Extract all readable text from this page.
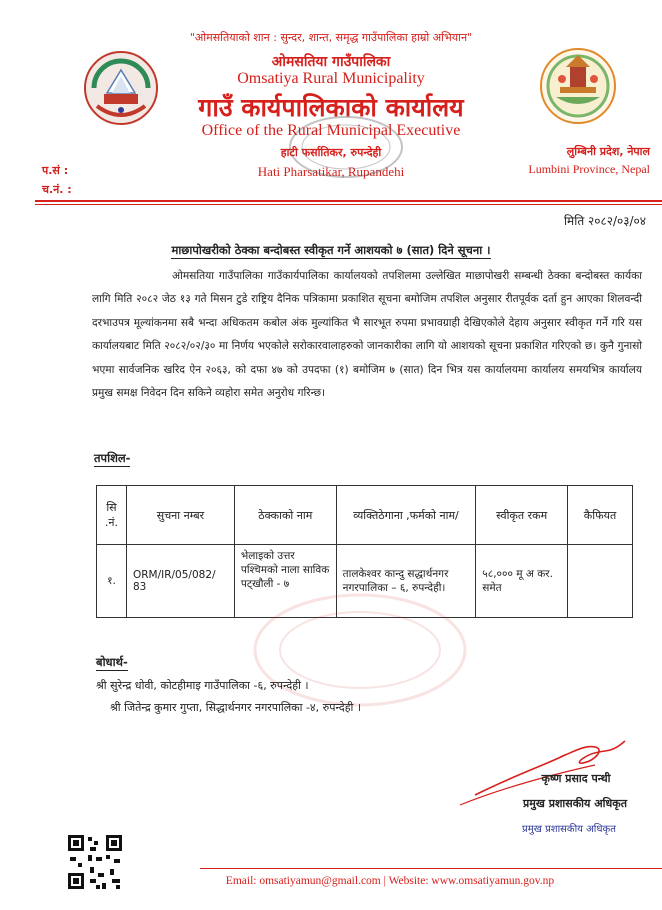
"ओमसतियाको शान : सुन्दर, शान्त, समृद्ध गाउँपालिका हाम्रो अभियान"
ओमसतिया गाउँपालिका
Omsatiya Rural Municipality
गाउँ कार्यपालिकाको कार्यालय
Office of the Rural Municipal Executive
हाटी फर्सातिकर, रुपन्देही
Hati Pharsatikar, Rupandehi
लुम्बिनी प्रदेश, नेपाल
Lumbini Province, Nepal
प.सं :
च.नं. :
मिति २०८२/०३/०४
माछापोखरीको ठेक्का बन्दोबस्त स्वीकृत गर्ने आशयको ७ (सात) दिने सूचना ।

ओमसतिया गाउँपालिका गाउँकार्यपालिका कार्यालयको तपशिलमा उल्लेखित माछापोखरी सम्बन्धी ठेक्का बन्दोबस्त कार्यका लागि मिति २०८२ जेठ १३ गते मिसन टुडे राष्ट्रिय दैनिक पत्रिकामा प्रकाशित सूचना बमोजिम तपशिल अनुसार रीतपूर्वक दर्ता हुन आएका शिलवन्दी दरभाउपत्र मूल्यांकनमा सबै भन्दा अधिकतम कबोल अंक मुल्यांकित भै सारभूत रुपमा प्रभावग्राही देखिएकोले देहाय अनुसार स्वीकृत गर्ने गरि यस कार्यालयबाट मिति २०८२/०२/३० मा निर्णय भएकोले सरोकारवालाहरुको जानकारीका लागि यो आशयको सूचना प्रकाशित गरिएको छ। कुनै गुनासो भएमा सार्वजनिक खरिद ऐन २०६३, को दफा ४७ को उपदफा (१) बमोजिम ७ (सात) दिन भित्र यस कार्यालयमा कार्यालय समयभित्र कार्यालय प्रमुख समक्ष निवेदन दिन सकिने व्यहोरा समेत अनुरोध गरिन्छ।

तपशिल-
सि .नं.	सुचना नम्बर	ठेक्काको नाम	व्यक्तिठेगाना ,फर्मको नाम/	स्वीकृत रकम	कैफियत
१.	ORM/IR/05/082/ 83	भेलाइको उत्तर पश्चिमको नाला साविक पट्खौली - ७	तालकेश्वर कान्दु सद्धार्थनगर नगरपालिका – ६, रुपन्देही।	५८,००० मू अ कर. समेत	
बोधार्थ-
श्री सुरेन्द्र धोवी, कोटहीमाइ गाउँपालिका -६, रुपन्देही ।
श्री जितेन्द्र कुमार गुप्ता, सिद्धार्थनगर नगरपालिका -४, रुपन्देही ।
कृष्ण प्रसाद पन्थी
प्रमुख प्रशासकीय अधिकृत
प्रमुख प्रशासकीय अधिकृत
Email: omsatiyamun@gmail.com | Website: www.omsatiyamun.gov.np
